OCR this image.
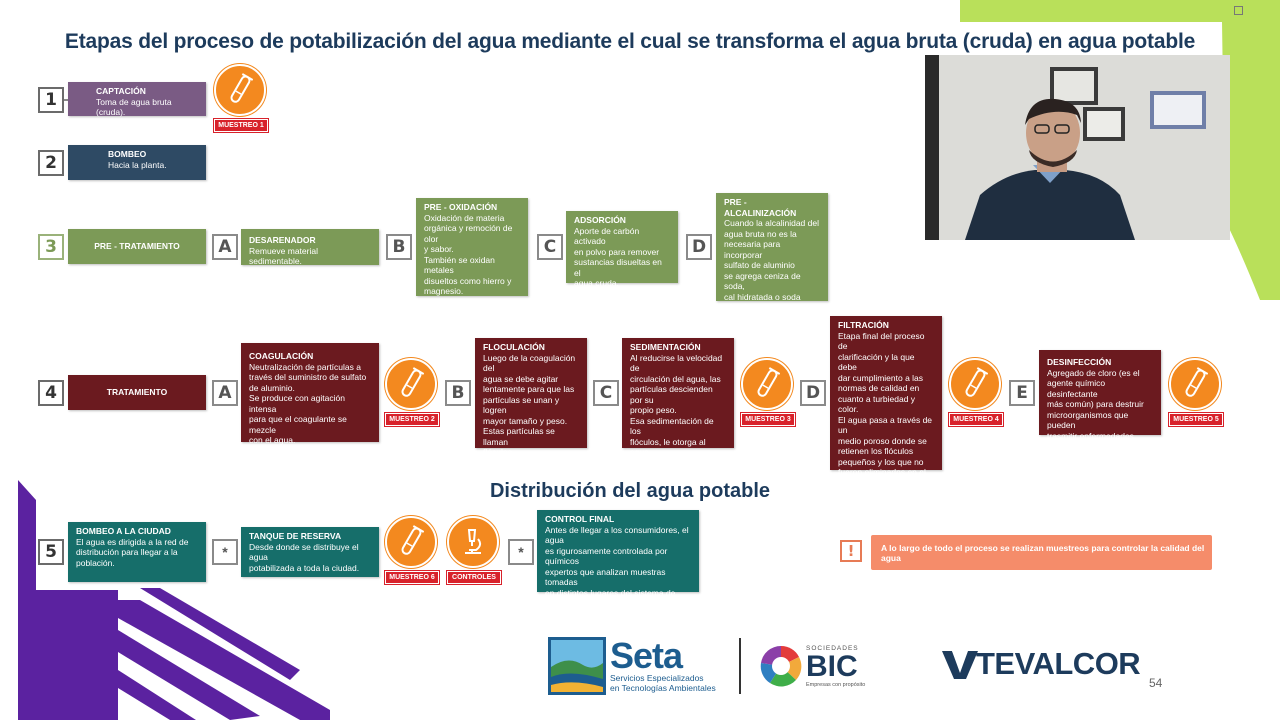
Etapas del proceso de potabilización del agua mediante el cual se transforma el agua bruta (cruda) en agua potable
1	CAPTACIÓN
Toma de agua bruta (cruda).
MUESTREO 1
2	BOMBEO
Hacia la planta.
3	PRE - TRATAMIENTO	A	DESARENADOR
Remueve material sedimentable.
B
PRE - OXIDACIÓN
Oxidación de materia
orgánica y remoción de olor
y sabor.
También se oxidan metales
disueltos como hierro y
magnesio.
C
ADSORCIÓN
Aporte de carbón activado
en polvo para remover
sustancias disueltas en el
agua cruda.
D
PRE - ALCALINIZACIÓN
Cuando la alcalinidad del
agua bruta no es la
necesaria para incorporar
sulfato de aluminio
se agrega ceniza de soda,
cal hidratada o soda
cáustica.
4	TRATAMIENTO	A
COAGULACIÓN
Neutralización de partículas a
través del suministro de sulfato
de aluminio.
Se produce con agitación intensa
para que el coagulante se mezcle
con el agua.
MUESTREO 2
B
FLOCULACIÓN
Luego de la coagulación del
agua se debe agitar
lentamente para que las
partículas se unan y logren
mayor tamaño y peso.
Estas partículas se llaman
flóculos.
C
SEDIMENTACIÓN
Al reducirse la velocidad de
circulación del agua, las
partículas descienden por su
propio peso.
Esa sedimentación de los
flóculos, le otorga al agua
mayor claridad.
MUESTREO 3
D
FILTRACIÓN
Etapa final del proceso de
clarificación y la que debe
dar cumplimiento a las
normas de calidad en
cuanto a turbiedad y color.
El agua pasa a través de un
medio poroso donde se
retienen los flóculos
pequeños y los que no
fueron eliminados en el
sedimentador.
MUESTREO 4
E
DESINFECCIÓN
Agregado de cloro (es el
agente químico desinfectante
más común) para destruir
microorganismos que pueden
trasmitir enfermedades.
MUESTREO 5
Distribución del agua potable
5
BOMBEO A LA CIUDAD
El agua es dirigida a la red de
distribución para llegar a la
población.
*
TANQUE DE RESERVA
Desde donde se distribuye el agua
potabilizada a toda la ciudad.
MUESTREO 6	CONTROLES
*
CONTROL FINAL
Antes de llegar a los consumidores, el agua
es rigurosamente controlada por químicos
expertos que analizan muestras tomadas
en distintos lugares del sistema de
distribución.
!	A lo largo de todo el proceso se realizan muestreos para controlar la calidad del agua
Seta
Servicios Especializados
en Tecnologías Ambientales
SOCIEDADES
BIC
Empresas con propósito
TEVALCOR
54
